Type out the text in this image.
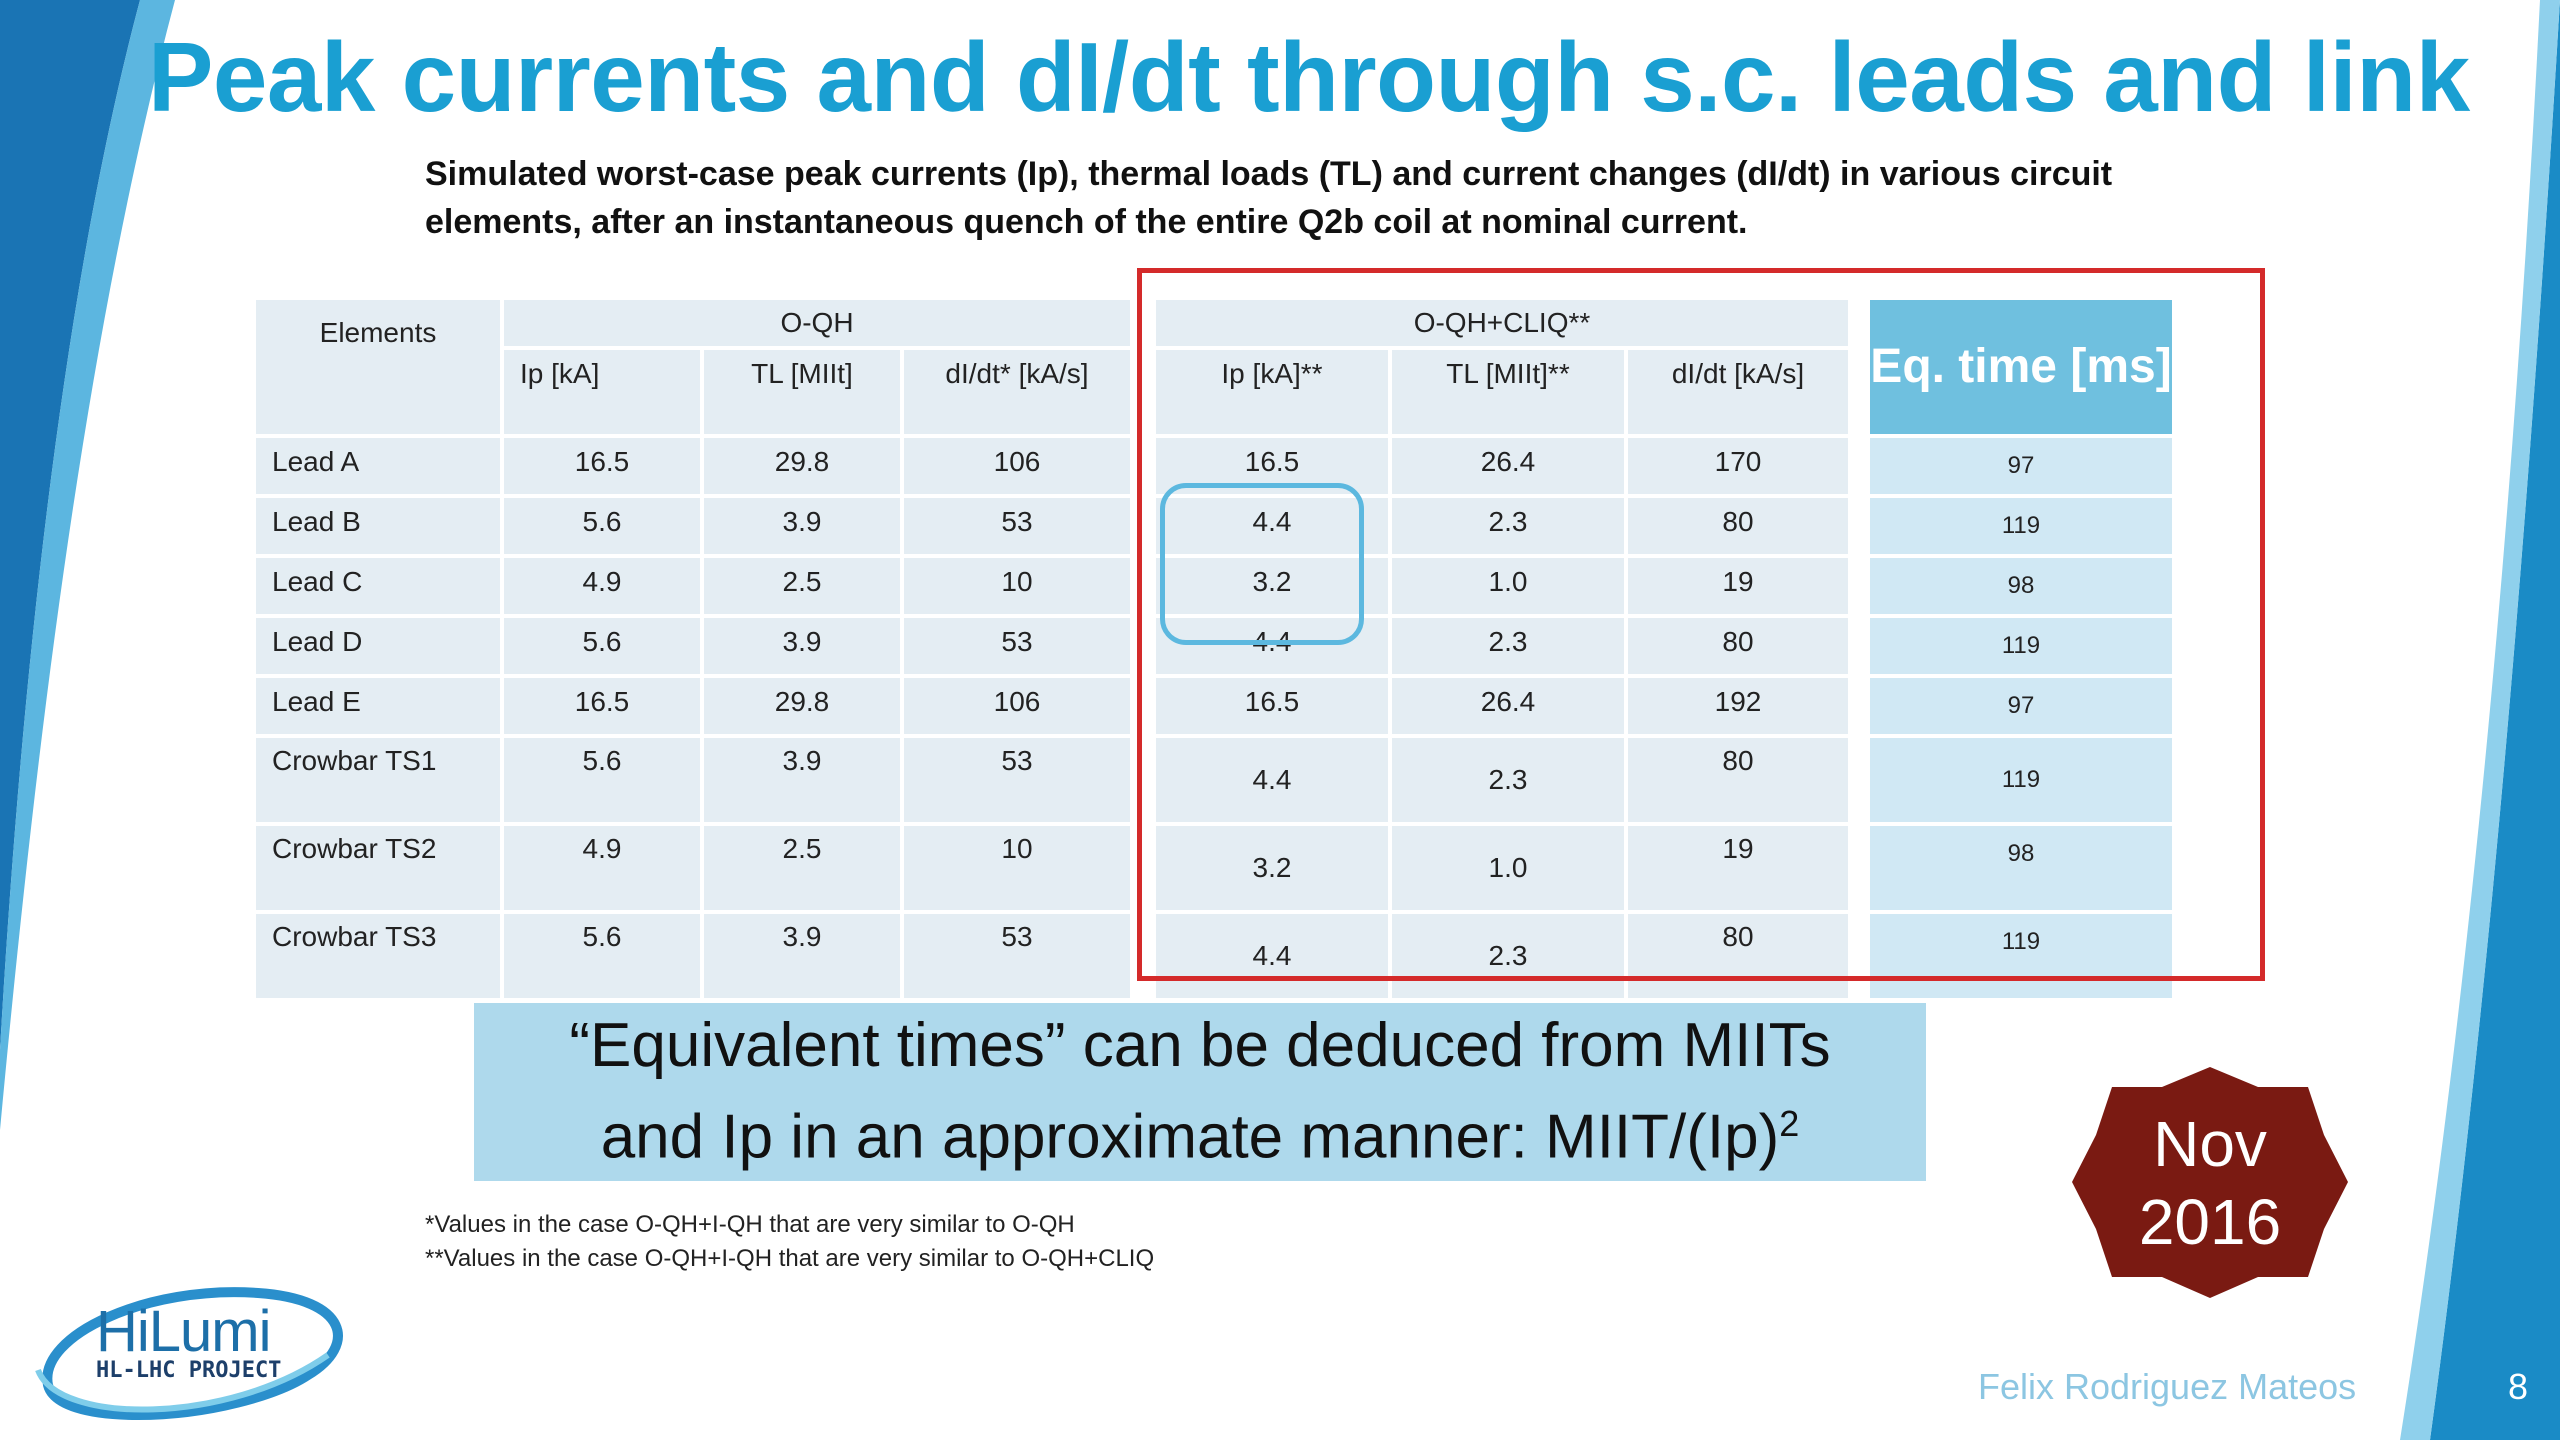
Peak currents and dI/dt through s.c. leads and link

Simulated worst-case peak currents (Ip), thermal loads (TL) and current changes (dI/dt) in various circuit elements, after an instantaneous quench of the entire Q2b coil at nominal current.

Elements	O-QH				O-QH+CLIQ**				Eq. time [ms]
	Ip [kA]	TL [MIIt]	dI/dt* [kA/s]		Ip [kA]**	TL [MIIt]**	dI/dt [kA/s]		
Lead A	16.5	29.8	106		16.5	26.4	170		97
Lead B	5.6	3.9	53		4.4	2.3	80		119
Lead C	4.9	2.5	10		3.2	1.0	19		98
Lead D	5.6	3.9	53		4.4	2.3	80		119
Lead E	16.5	29.8	106		16.5	26.4	192		97
Crowbar TS1	5.6	3.9	53		4.4	2.3	80		119
Crowbar TS2	4.9	2.5	10		3.2	1.0	19		98
Crowbar TS3	5.6	3.9	53		4.4	2.3	80		119
“Equivalent times” can be deduced from MIITs
and Ip in an approximate manner: MIIT/$(Ip)^2$
*Values in the case O-QH+I-QH that are very similar to O-QH
**Values in the case O-QH+I-QH that are very similar to O-QH+CLIQ
Nov
2016
HiLumi
HL-LHC PROJECT	Felix Rodriguez Mateos	8
